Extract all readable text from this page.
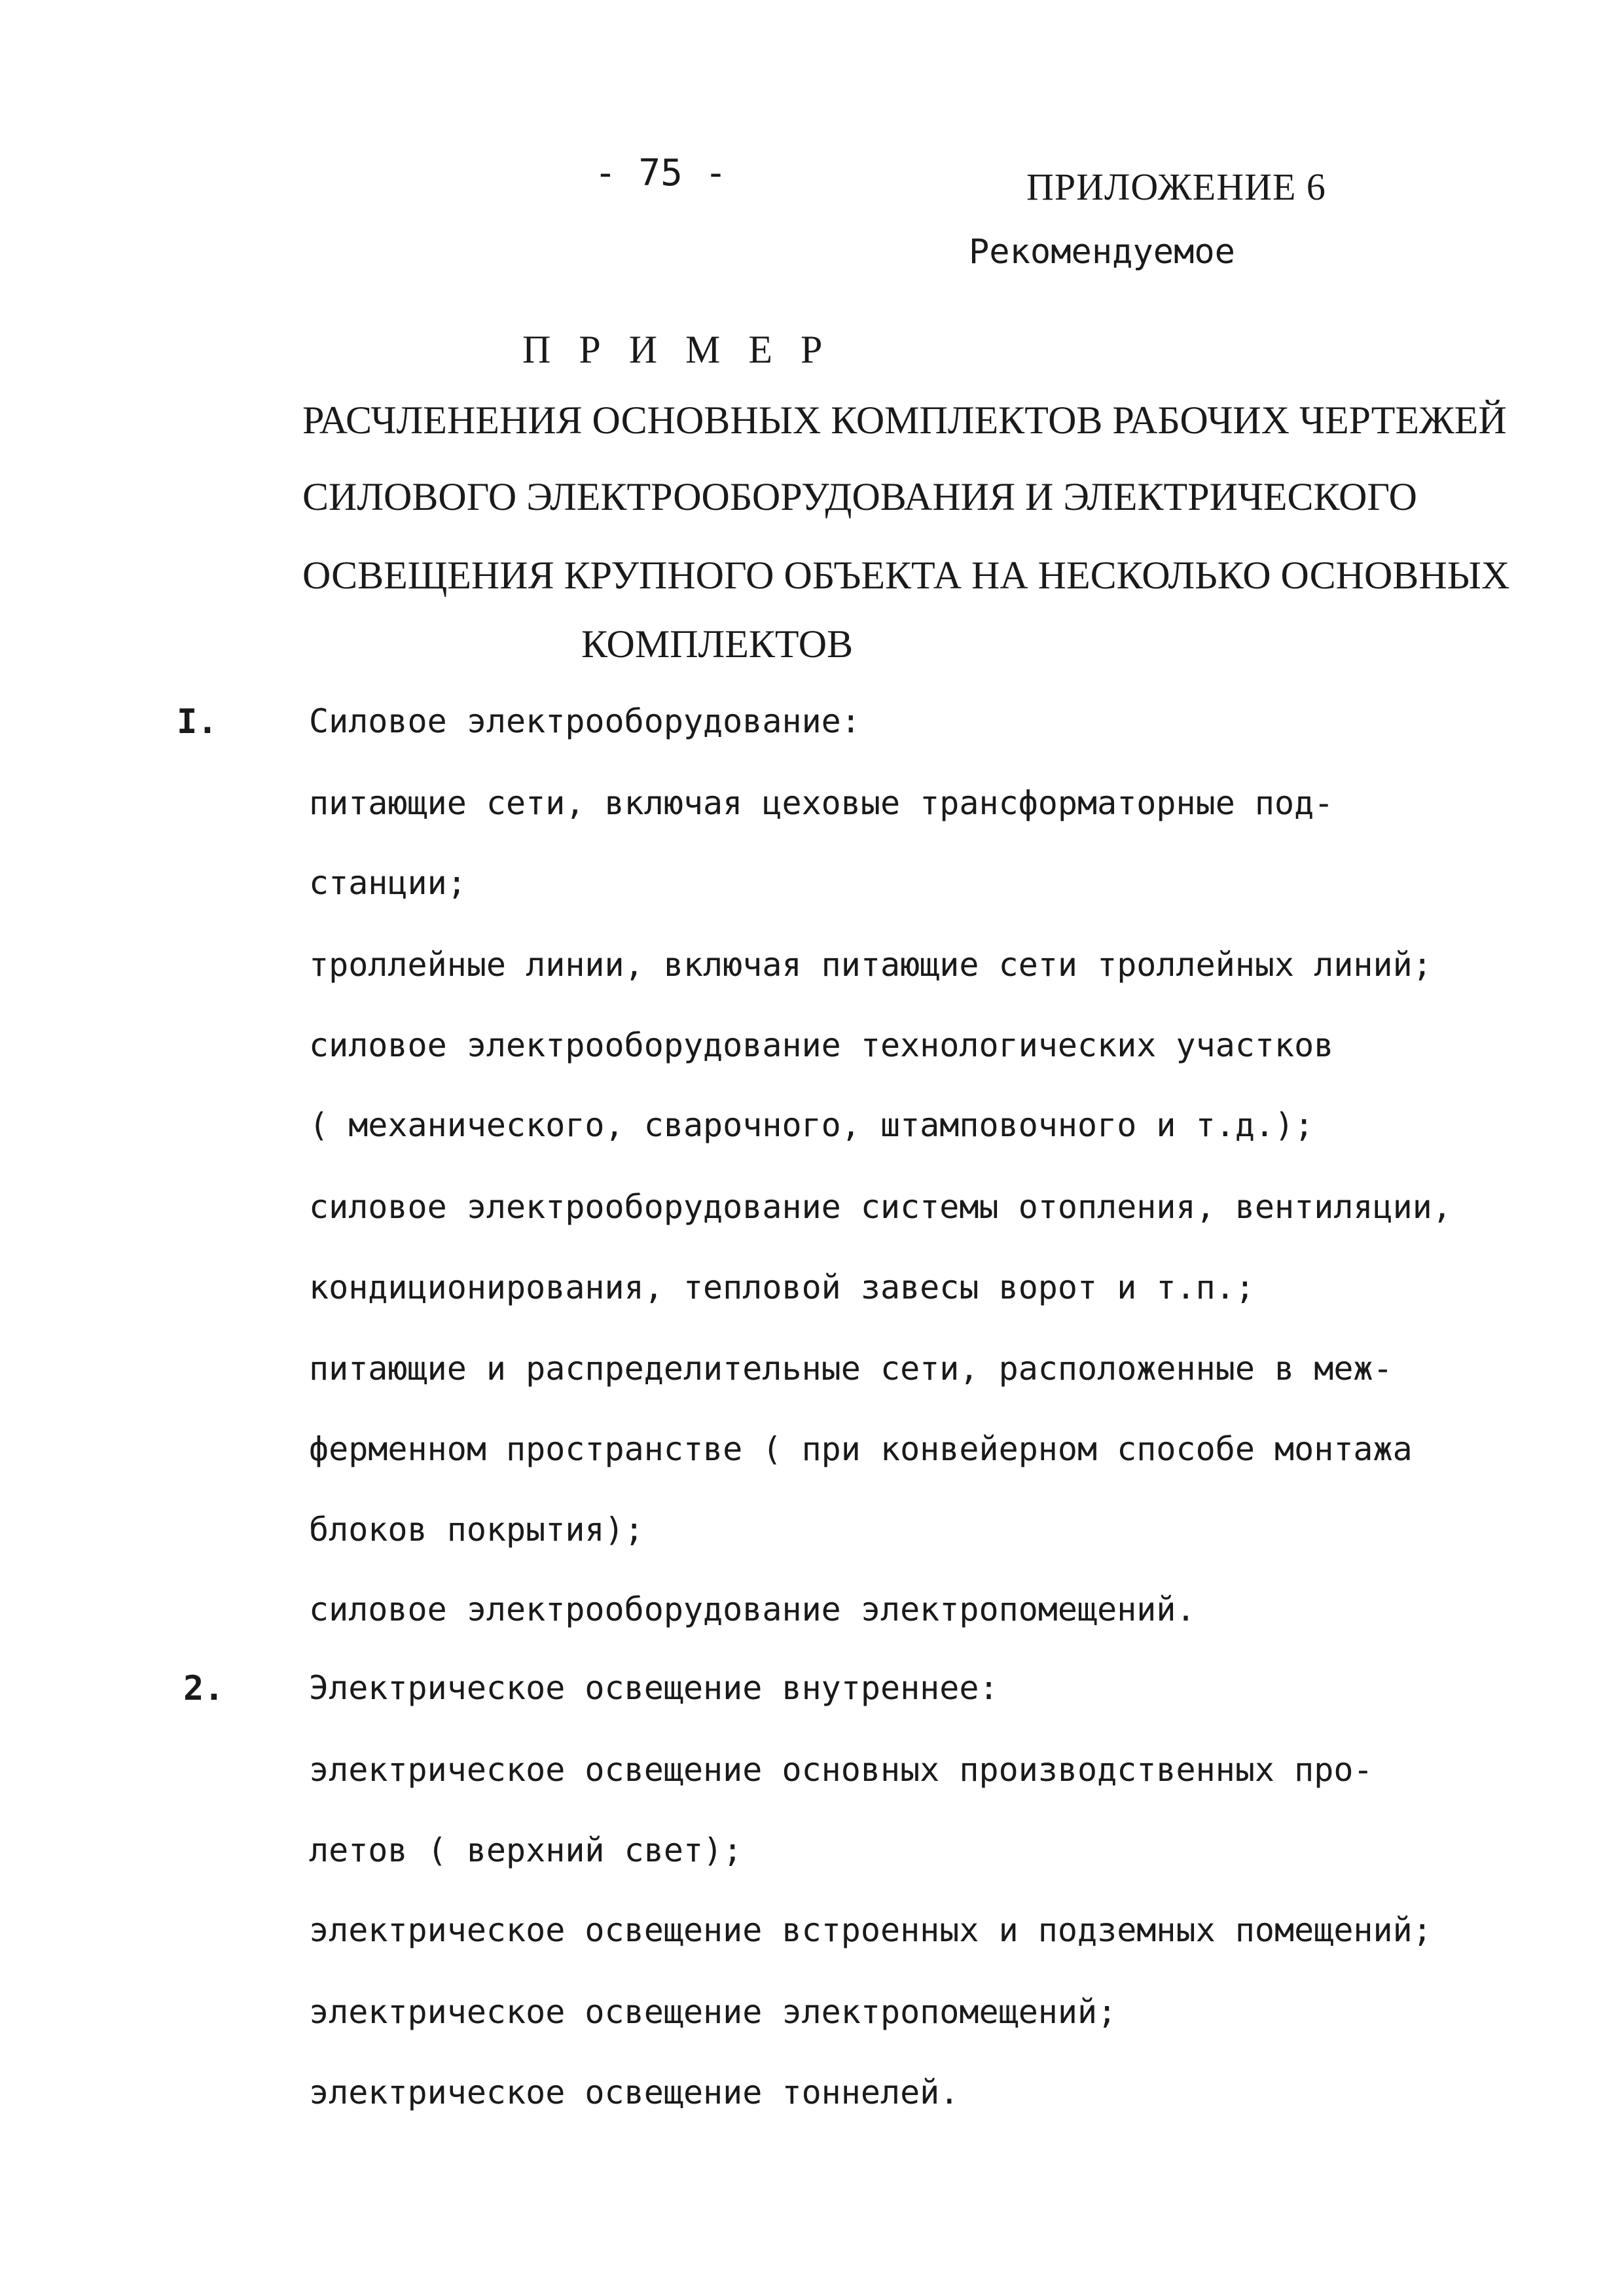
- 75 -	ПРИЛОЖЕНИЕ 6
Рекомендуемое
П Р И М Е Р
РАСЧЛЕНЕНИЯ ОСНОВНЫХ КОМПЛЕКТОВ РАБОЧИХ ЧЕРТЕЖЕЙ
СИЛОВОГО ЭЛЕКТРООБОРУДОВАНИЯ И ЭЛЕКТРИЧЕСКОГО
ОСВЕЩЕНИЯ КРУПНОГО ОБЪЕКТА НА НЕСКОЛЬКО ОСНОВНЫХ
КОМПЛЕКТОВ
I.	Силовое электрооборудование:
питающие сети, включая цеховые трансформаторные под-
станции;
троллейные линии, включая питающие сети троллейных линий;
силовое электрооборудование технологических участков
( механического, сварочного, штамповочного и т.д.);
силовое электрооборудование системы отопления, вентиляции,
кондиционирования, тепловой завесы ворот и т.п.;
питающие и распределительные сети, расположенные в меж-
ферменном пространстве ( при конвейерном способе монтажа
блоков покрытия);
силовое электрооборудование электропомещений.
2.	Электрическое освещение внутреннее:
электрическое освещение основных производственных про-
летов ( верхний свет);
электрическое освещение встроенных и подземных помещений;
электрическое освещение электропомещений;
электрическое освещение тоннелей.
